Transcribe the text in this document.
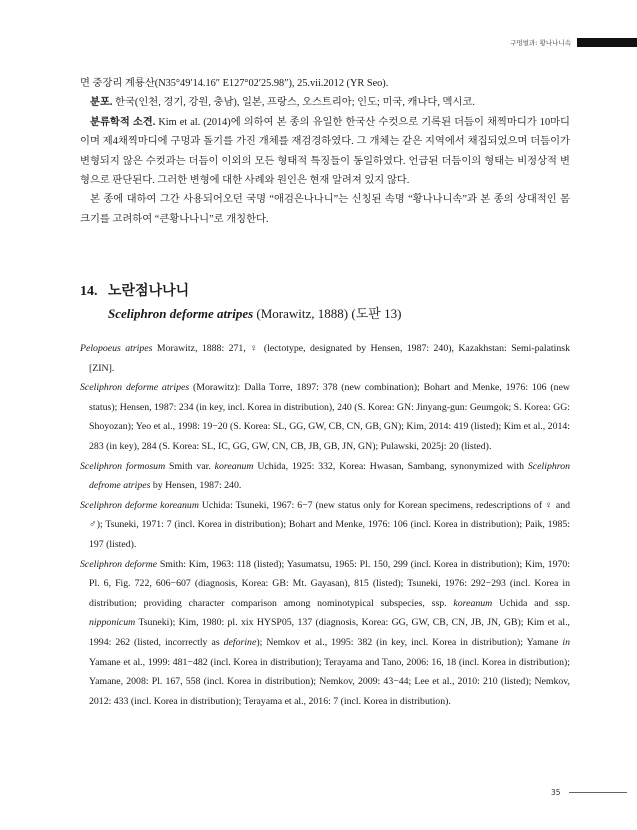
구멍벌과: 황나나니속

면 중장리 계룡산(N35°49′14.16″ E127°02′25.98″), 25.vii.2012 (YR Seo).

분포. 한국(인천, 경기, 강원, 충남), 일본, 프랑스, 오스트리아; 인도; 미국, 캐나다, 멕시코.

분류학적 소견. Kim et al. (2014)에 의하여 본 종의 유일한 한국산 수컷으로 기록된 더듬이 채찍마디가 10마디이며 제4채찍마디에 구멍과 돌기를 가진 개체를 재검경하였다. 그 개체는 같은 지역에서 채집되었으며 더듬이가 변형되지 않은 수컷과는 더듬이 이외의 모든 형태적 특징들이 동일하였다. 언급된 더듬이의 형태는 비정상적 변형으로 판단된다. 그러한 변형에 대한 사례와 원인은 현재 알려져 있지 않다.

본 종에 대하여 그간 사용되어오던 국명 “애검은나나니”는 신칭된 속명 “황나나니속”과 본 종의 상대적인 몸 크기를 고려하여 “큰황나나니”로 개칭한다.

14. 노란점나나니
Sceliphron deforme atripes (Morawitz, 1888) (도판 13)

Pelopoeus atripes Morawitz, 1888: 271, ♀ (lectotype, designated by Hensen, 1987: 240), Kazakhstan: Semi-palatinsk [ZIN].

Sceliphron deforme atripes (Morawitz): Dalla Torre, 1897: 378 (new combination); Bohart and Menke, 1976: 106 (new status); Hensen, 1987: 234 (in key, incl. Korea in distribution), 240 (S. Korea: GN: Jinyang-gun: Geumgok; S. Korea: GG: Shoyozan); Yeo et al., 1998: 19−20 (S. Korea: SL, GG, GW, CB, CN, GB, GN); Kim, 2014: 419 (listed); Kim et al., 2014: 283 (in key), 284 (S. Korea: SL, IC, GG, GW, CN, CB, JB, GB, JN, GN); Pulawski, 2025j: 20 (listed).

Sceliphron formosum Smith var. koreanum Uchida, 1925: 332, Korea: Hwasan, Sambang, synonymized with Sceliphron defrome atripes by Hensen, 1987: 240.

Sceliphron deforme koreanum Uchida: Tsuneki, 1967: 6−7 (new status only for Korean specimens, redescriptions of ♀ and ♂); Tsuneki, 1971: 7 (incl. Korea in distribution); Bohart and Menke, 1976: 106 (incl. Korea in distribution); Paik, 1985: 197 (listed).

Sceliphron deforme Smith: Kim, 1963: 118 (listed); Yasumatsu, 1965: Pl. 150, 299 (incl. Korea in distribution); Kim, 1970: Pl. 6, Fig. 722, 606−607 (diagnosis, Korea: GB: Mt. Gayasan), 815 (listed); Tsuneki, 1976: 292−293 (incl. Korea in distribution; providing character comparison among nominotypical subspecies, ssp. koreanum Uchida and ssp. nipponicum Tsuneki); Kim, 1980: pl. xix HYSP05, 137 (diagnosis, Korea: GG, GW, CB, CN, JB, JN, GB); Kim et al., 1994: 262 (listed, incorrectly as deforine); Nemkov et al., 1995: 382 (in key, incl. Korea in distribution); Yamane in Yamane et al., 1999: 481−482 (incl. Korea in distribution); Terayama and Tano, 2006: 16, 18 (incl. Korea in distribution); Yamane, 2008: Pl. 167, 558 (incl. Korea in distribution); Nemkov, 2009: 43−44; Lee et al., 2010: 210 (listed); Nemkov, 2012: 433 (incl. Korea in distribution); Terayama et al., 2016: 7 (incl. Korea in distribution).

35
